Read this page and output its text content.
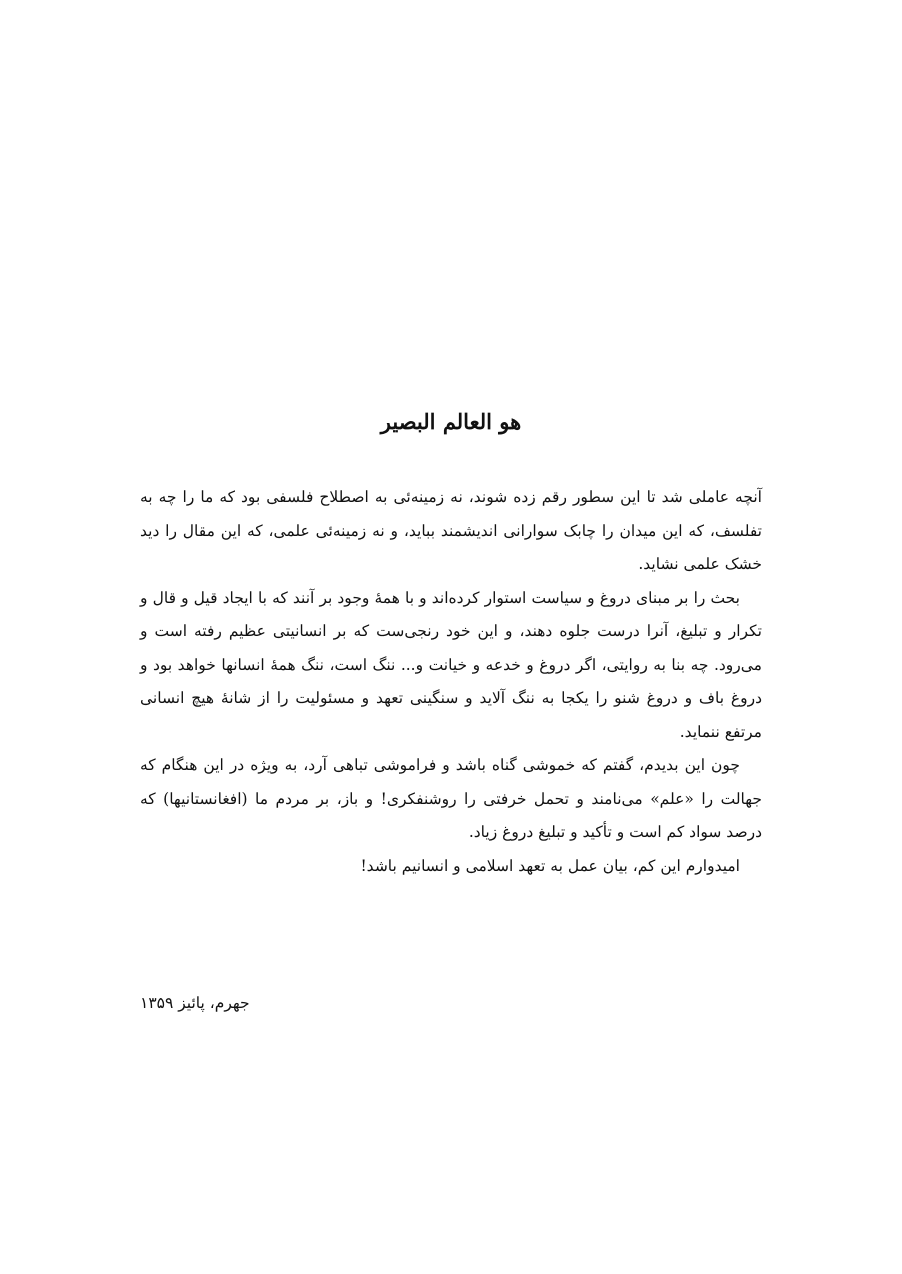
هو العالم البصیر

آنچه عاملی شد تا این سطور رقم زده شوند، نه زمینه‌ئی به اصطلاح فلسفی بود که ما را چه به تفلسف، که این میدان را چابک سوارانی اندیشمند بباید، و نه زمینه‌ئی علمی، که این مقال را دید خشک علمی نشاید.

بحث را بر مبنای دروغ و سیاست استوار کرده‌اند و با همهٔ وجود بر آنند که با ایجاد قیل و قال و تکرار و تبلیغ، آنرا درست جلوه دهند، و این خود رنجی‌ست که بر انسانیتی عظیم رفته است و می‌رود. چه بنا به روایتی، اگر دروغ و خدعه و خیانت و... ننگ است، ننگ همهٔ انسانها خواهد بود و دروغ باف و دروغ شنو را یکجا به ننگ آلاید و سنگینی تعهد و مسئولیت را از شانهٔ هیچ انسانی مرتفع ننماید.

چون این بدیدم، گفتم که خموشی گناه باشد و فراموشی تباهی آرد، به ویژه در این هنگام که جهالت را «علم» می‌نامند و تحمل خرفتی را روشنفکری! و باز، بر مردم ما (افغانستانیها) که درصد سواد کم است و تأکید و تبلیغ دروغ زیاد.

امیدوارم این کم، بیان عمل به تعهد اسلامی و انسانیم باشد!

جهرم، پائیز ۱۳۵۹
